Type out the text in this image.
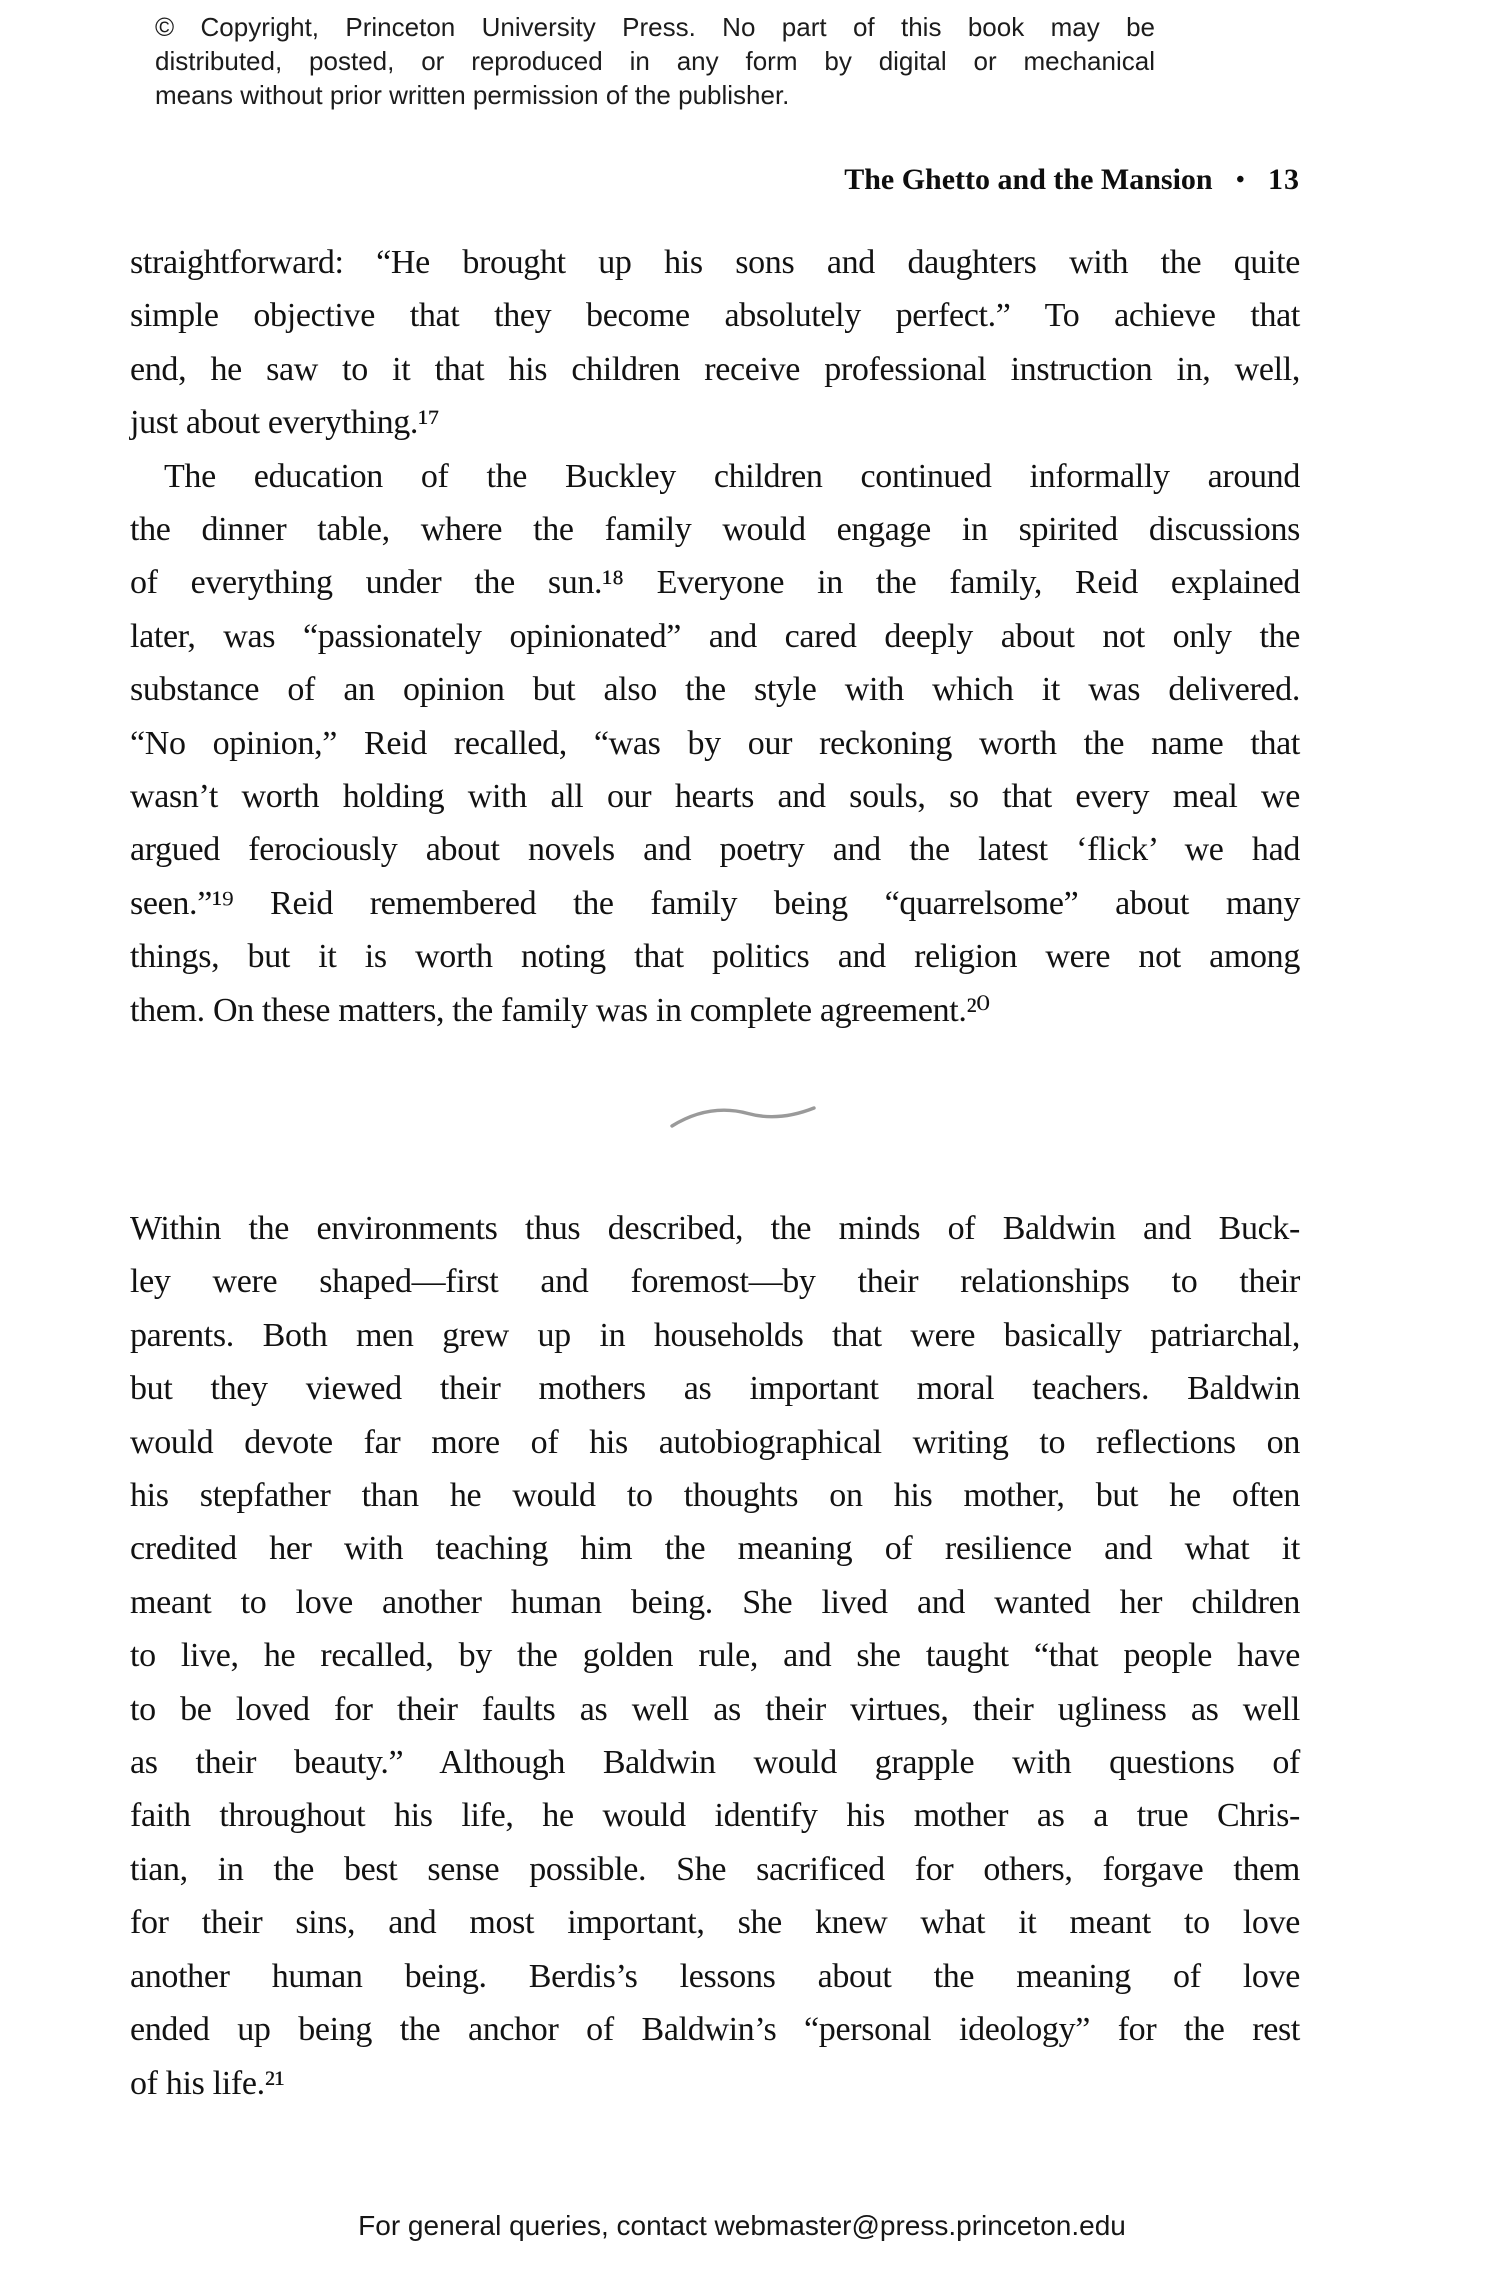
© Copyright, Princeton University Press. No part of this book may be
distributed, posted, or reproduced in any form by digital or mechanical
means without prior written permission of the publisher.
The Ghetto and the Mansion • 13
straightforward: “He brought up his sons and daughters with the quite
simple objective that they become absolutely perfect.” To achieve that
end, he saw to it that his children receive professional instruction in, well,
just about everything.¹⁷
The education of the Buckley children continued informally around
the dinner table, where the family would engage in spirited discussions
of everything under the sun.¹⁸ Everyone in the family, Reid explained
later, was “passionately opinionated” and cared deeply about not only the
substance of an opinion but also the style with which it was delivered.
“No opinion,” Reid recalled, “was by our reckoning worth the name that
wasn’t worth holding with all our hearts and souls, so that every meal we
argued ferociously about novels and poetry and the latest ‘flick’ we had
seen.”¹⁹ Reid remembered the family being “quarrelsome” about many
things, but it is worth noting that politics and religion were not among
them. On these matters, the family was in complete agreement.²⁰
Within the environments thus described, the minds of Baldwin and Buck-
ley were shaped—first and foremost—by their relationships to their
parents. Both men grew up in households that were basically patriarchal,
but they viewed their mothers as important moral teachers. Baldwin
would devote far more of his autobiographical writing to reflections on
his stepfather than he would to thoughts on his mother, but he often
credited her with teaching him the meaning of resilience and what it
meant to love another human being. She lived and wanted her children
to live, he recalled, by the golden rule, and she taught “that people have
to be loved for their faults as well as their virtues, their ugliness as well
as their beauty.” Although Baldwin would grapple with questions of
faith throughout his life, he would identify his mother as a true Chris-
tian, in the best sense possible. She sacrificed for others, forgave them
for their sins, and most important, she knew what it meant to love
another human being. Berdis’s lessons about the meaning of love
ended up being the anchor of Baldwin’s “personal ideology” for the rest
of his life.²¹
For general queries, contact webmaster@press.princeton.edu
